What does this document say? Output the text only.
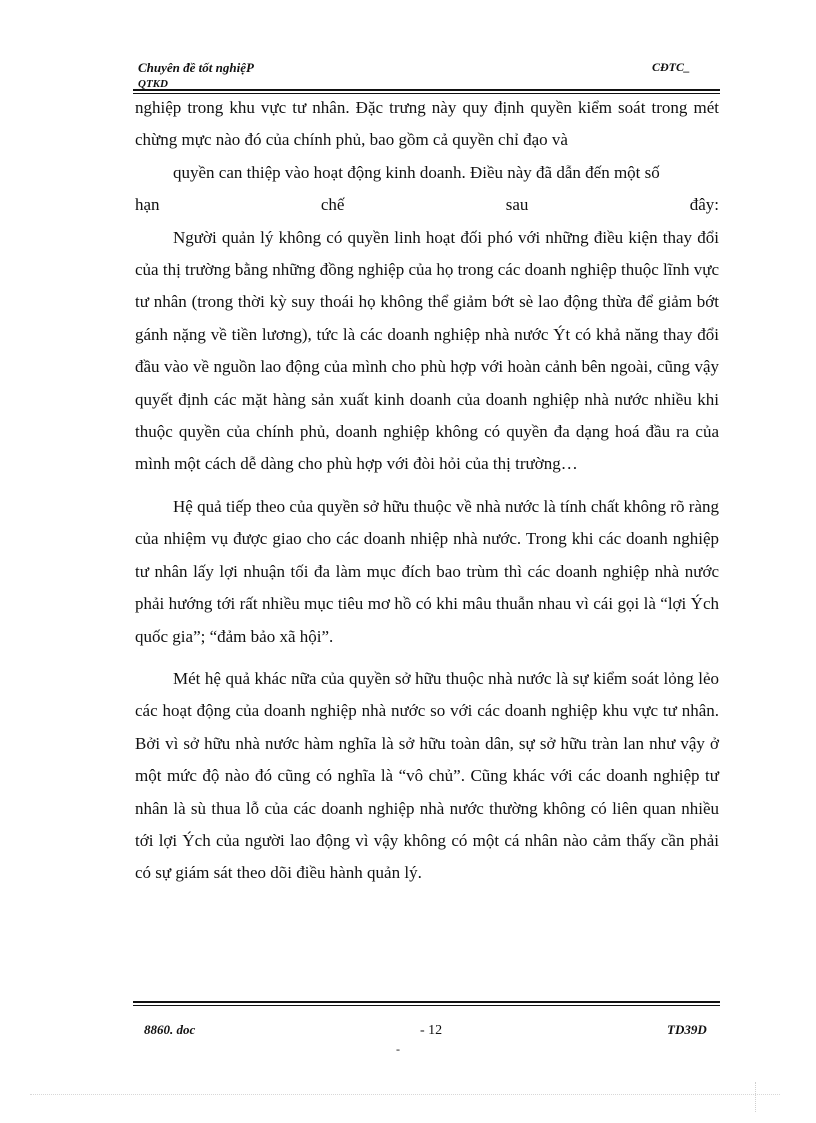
Chuyên đề tốt nghiệP
QTKD
CĐTC_

nghiệp trong khu vực tư nhân. Đặc trưng này quy định quyền kiểm soát trong mét chừng mực nào đó của chính phủ, bao gồm cả quyền chỉ đạo và

quyền can thiệp vào hoạt động kinh doanh. Điều này đã dẫn đến một số

hạn chế sau đây:

Người quản lý không có quyền linh hoạt đối phó với những điều kiện thay đổi của thị trường bằng những đồng nghiệp của họ trong các doanh nghiệp thuộc lĩnh vực tư nhân (trong thời kỳ suy thoái họ không thể giảm bớt sè lao động thừa để giảm bớt gánh nặng về tiền lương), tức là các doanh nghiệp nhà nước Ýt có khả năng thay đổi đầu vào về nguồn lao động của mình cho phù hợp với hoàn cảnh bên ngoài, cũng vậy quyết định các mặt hàng sản xuất kinh doanh của doanh nghiệp nhà nước nhiều khi thuộc quyền của chính phủ, doanh nghiệp không có quyền đa dạng hoá đầu ra của mình một cách dễ dàng cho phù hợp với đòi hỏi của thị trường…

Hệ quả tiếp theo của quyền sở hữu thuộc về nhà nước là tính chất không rõ ràng của nhiệm vụ được giao cho các doanh nhiệp nhà nước. Trong khi các doanh nghiệp tư nhân lấy lợi nhuận tối đa làm mục đích bao trùm thì các doanh nghiệp nhà nước phải hướng tới rất nhiều mục tiêu mơ hồ có khi mâu thuẫn nhau vì cái gọi là “lợi Ých quốc gia”; “đảm bảo xã hội”.

Mét hệ quả khác nữa của quyền sở hữu thuộc nhà nước là sự kiểm soát lỏng lẻo các hoạt động của doanh nghiệp nhà nước so với các doanh nghiệp khu vực tư nhân. Bởi vì sở hữu nhà nước hàm nghĩa là sở hữu toàn dân, sự sở hữu tràn lan như vậy ở một mức độ nào đó cũng có nghĩa là “vô chủ”. Cũng khác với các doanh nghiệp tư nhân là sù thua lỗ của các doanh nghiệp nhà nước thường không có liên quan nhiều tới lợi Ých của người lao động vì vậy không có một cá nhân nào cảm thấy cần phải có sự giám sát theo dõi điều hành quản lý.

8860. doc	- 12
-
TD39D
